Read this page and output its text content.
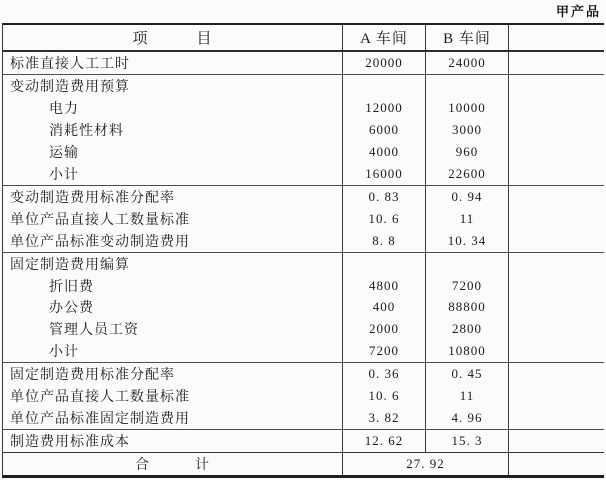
甲产品
项　　　目	A 车间	B 车间
标准直接人工工时	20000	24000
变动制造费用预算
电力	12000	10000
消耗性材料	6000	3000
运输	4000	960
小计	16000	22600
变动制造费用标准分配率	0. 83	0. 94
单位产品直接人工数量标准	10. 6	11
单位产品标准变动制造费用	8. 8	10. 34
固定制造费用编算
折旧费	4800	7200
办公费	400	88800
管理人员工资	2000	2800
小计	7200	10800
固定制造费用标准分配率	0. 36	0. 45
单位产品直接人工数量标准	10. 6	11
单位产品标准固定制造费用	3. 82	4. 96
制造费用标准成本	12. 62	15. 3
合　　　计	27. 92
